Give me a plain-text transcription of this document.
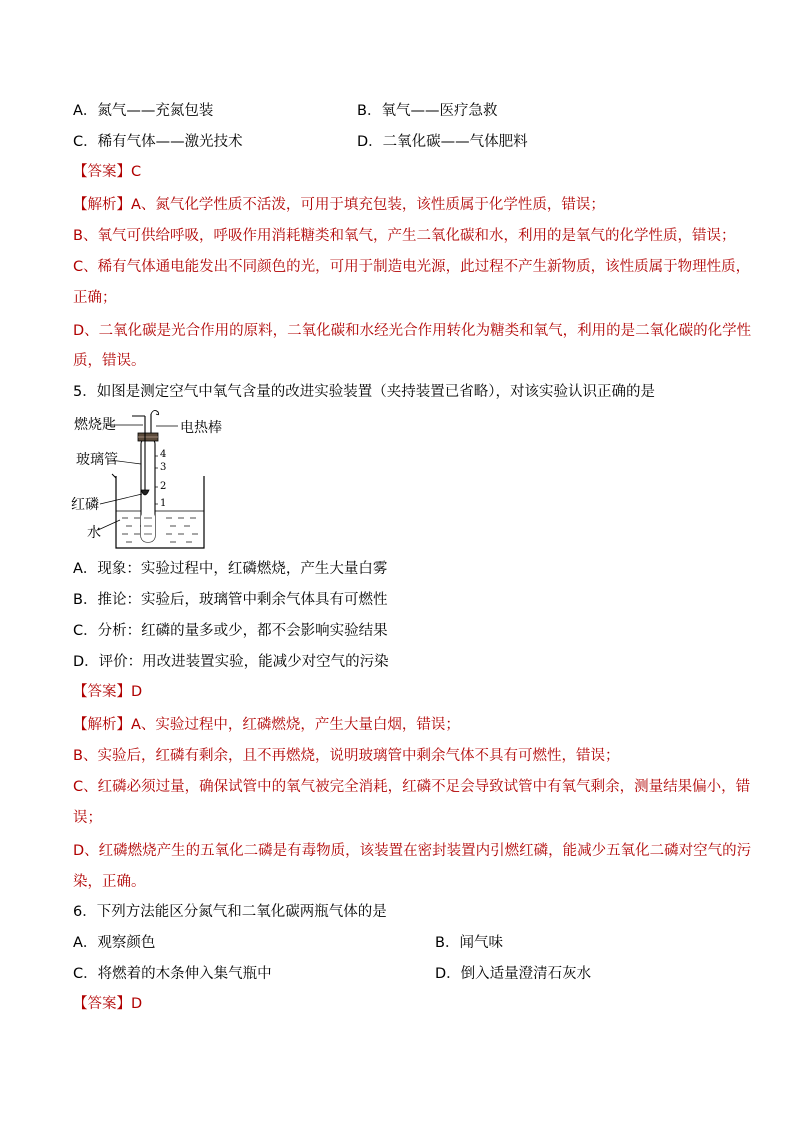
A．氮气——充氮包装	B．氧气——医疗急救
C．稀有气体——激光技术	D．二氧化碳——气体肥料
【答案】C
【解析】A、氮气化学性质不活泼，可用于填充包装，该性质属于化学性质，错误；
B、氧气可供给呼吸，呼吸作用消耗糖类和氧气，产生二氧化碳和水，利用的是氧气的化学性质，错误；
C、稀有气体通电能发出不同颜色的光，可用于制造电光源，此过程不产生新物质，该性质属于物理性质，
正确；
D、二氧化碳是光合作用的原料，二氧化碳和水经光合作用转化为糖类和氧气，利用的是二氧化碳的化学性
质，错误。
5．如图是测定空气中氧气含量的改进实验装置（夹持装置已省略），对该实验认识正确的是
燃烧匙	电热棒
玻璃管
红磷
水
4
3
2
1
A．现象：实验过程中，红磷燃烧，产生大量白雾
B．推论：实验后，玻璃管中剩余气体具有可燃性
C．分析：红磷的量多或少，都不会影响实验结果
D．评价：用改进装置实验，能减少对空气的污染
【答案】D
【解析】A、实验过程中，红磷燃烧，产生大量白烟，错误；
B、实验后，红磷有剩余，且不再燃烧，说明玻璃管中剩余气体不具有可燃性，错误；
C、红磷必须过量，确保试管中的氧气被完全消耗，红磷不足会导致试管中有氧气剩余，测量结果偏小，错
误；
D、红磷燃烧产生的五氧化二磷是有毒物质，该装置在密封装置内引燃红磷，能减少五氧化二磷对空气的污
染，正确。
6．下列方法能区分氮气和二氧化碳两瓶气体的是
A．观察颜色	B．闻气味
C．将燃着的木条伸入集气瓶中	D．倒入适量澄清石灰水
【答案】D
